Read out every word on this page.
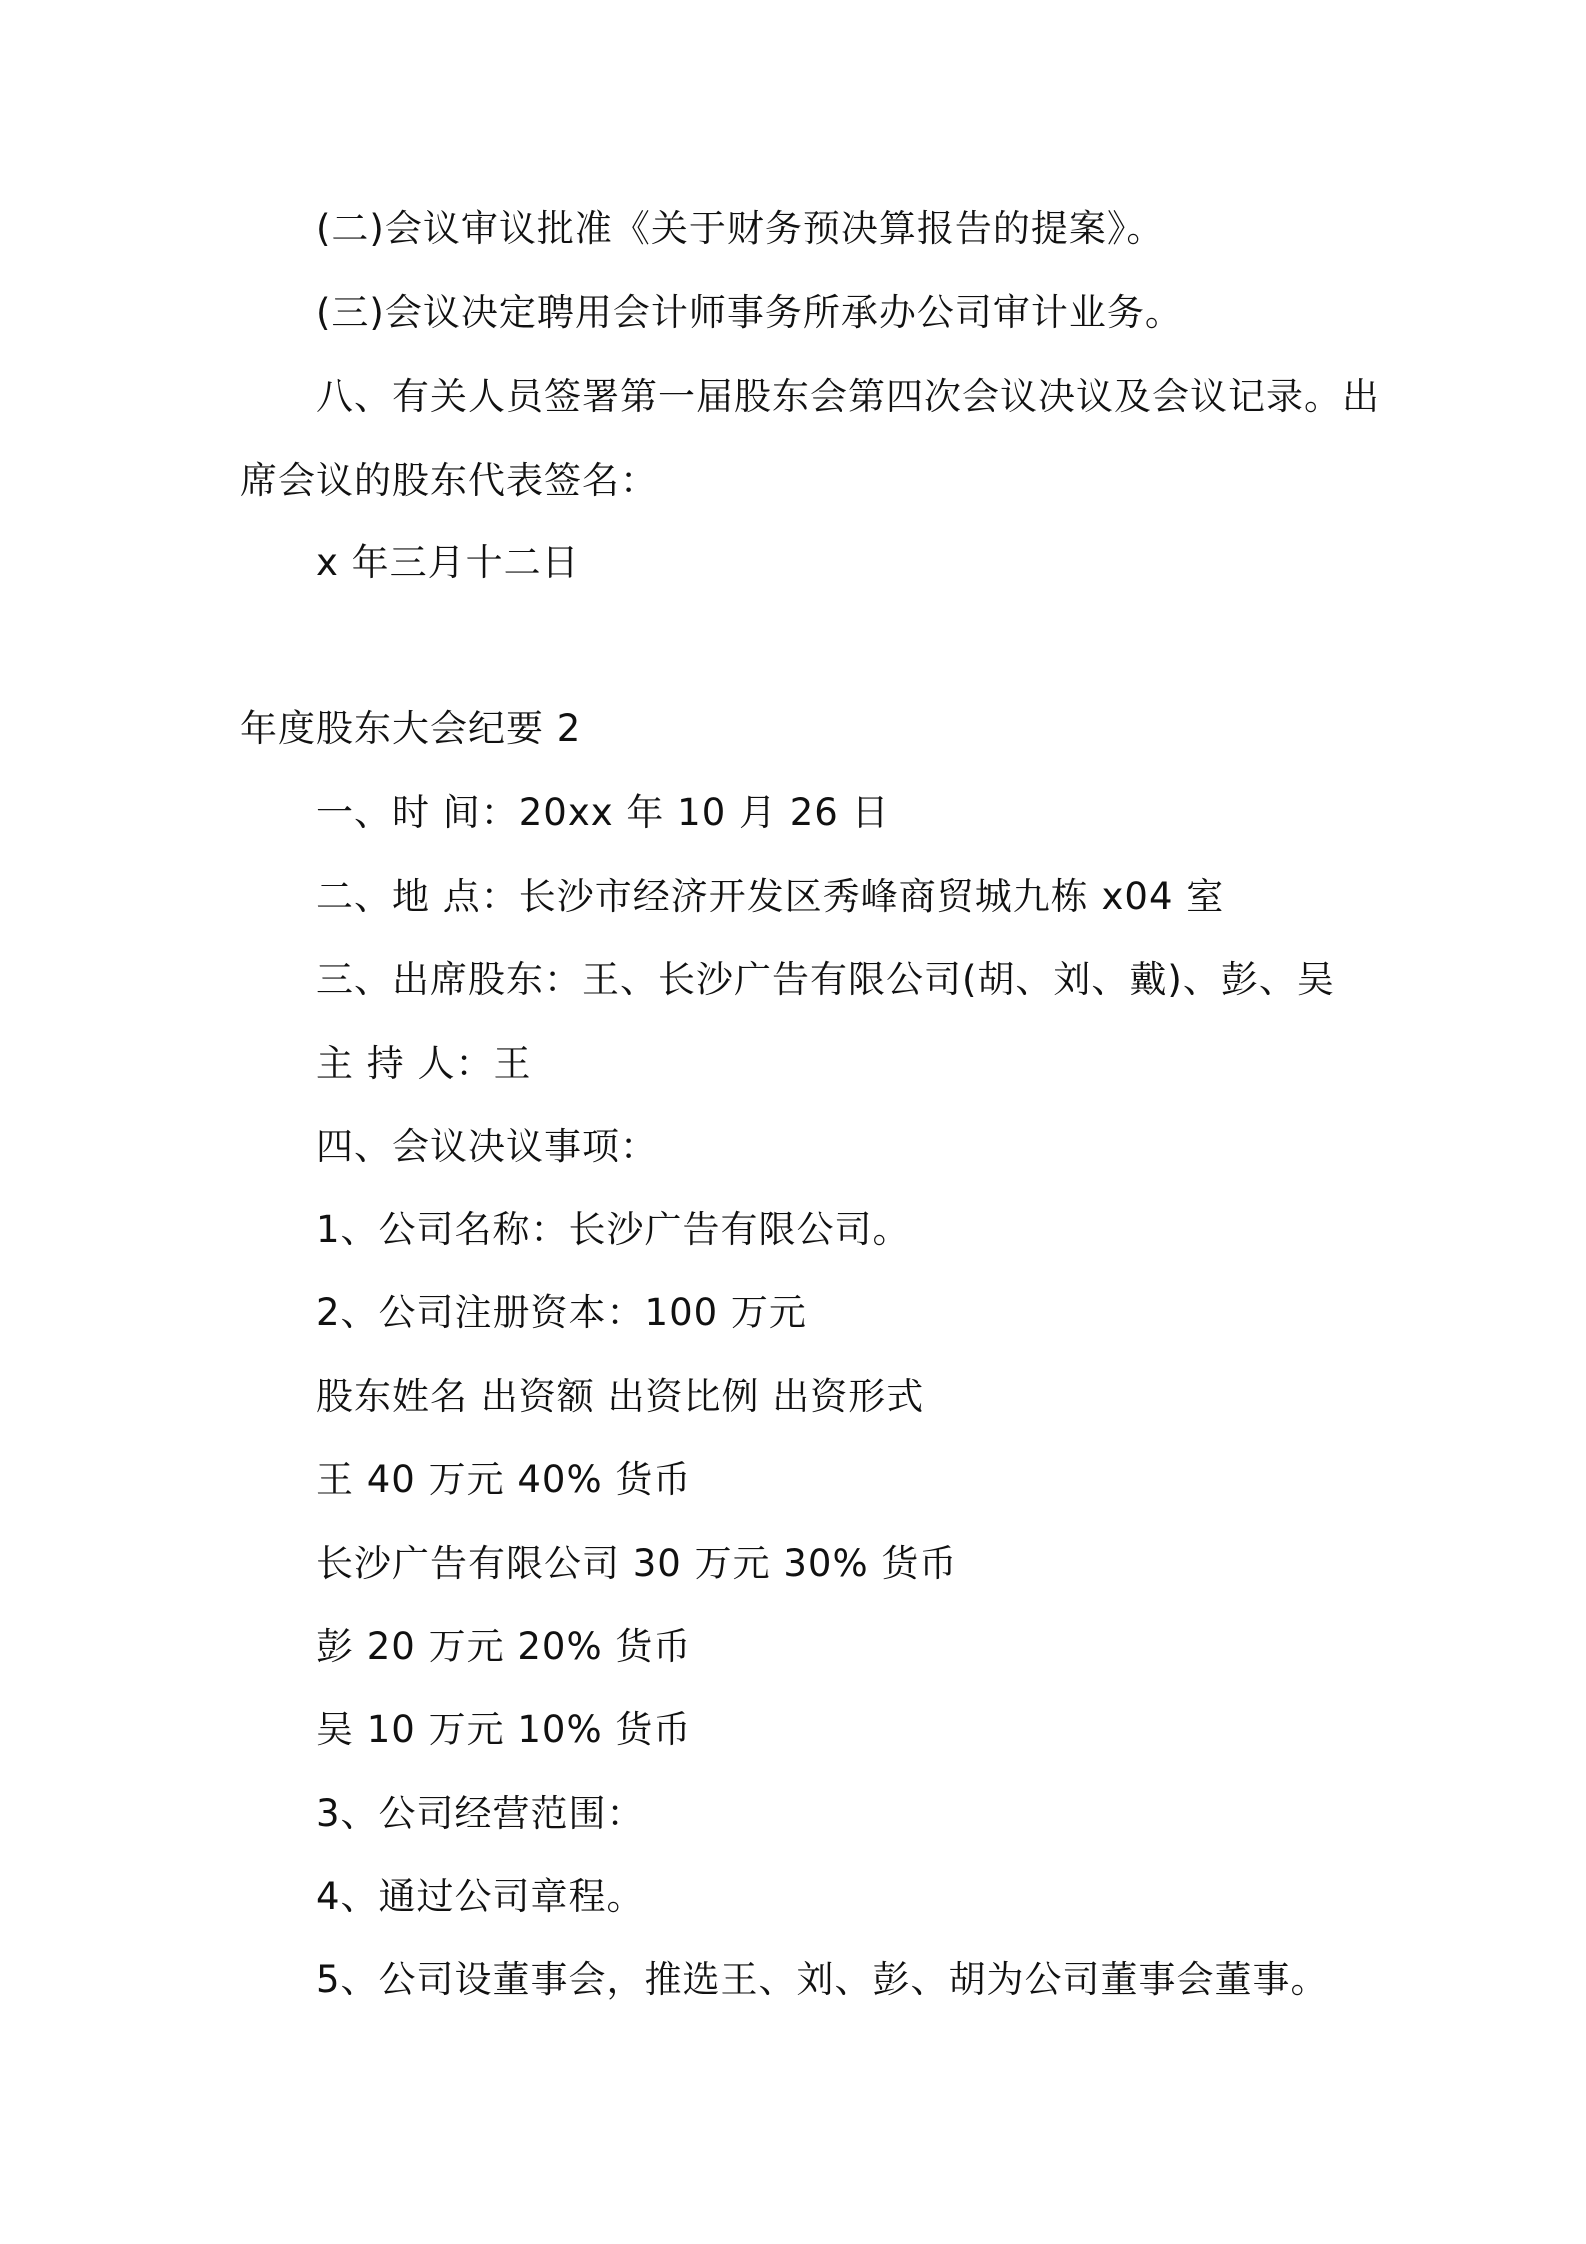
(二)会议审议批准《关于财务预决算报告的提案》。
(三)会议决定聘用会计师事务所承办公司审计业务。
八、有关人员签署第一届股东会第四次会议决议及会议记录。出
席会议的股东代表签名：
x 年三月十二日
年度股东大会纪要 2
一、时 间：20xx 年 10 月 26 日
二、地 点：长沙市经济开发区秀峰商贸城九栋 x04 室
三、出席股东：王、长沙广告有限公司(胡、刘、戴)、彭、吴
主 持 人：王
四、会议决议事项：
1、公司名称：长沙广告有限公司。
2、公司注册资本：100 万元
股东姓名 出资额 出资比例 出资形式
王 40 万元 40% 货币
长沙广告有限公司 30 万元 30% 货币
彭 20 万元 20% 货币
吴 10 万元 10% 货币
3、公司经营范围：
4、通过公司章程。
5、公司设董事会，推选王、刘、彭、胡为公司董事会董事。
